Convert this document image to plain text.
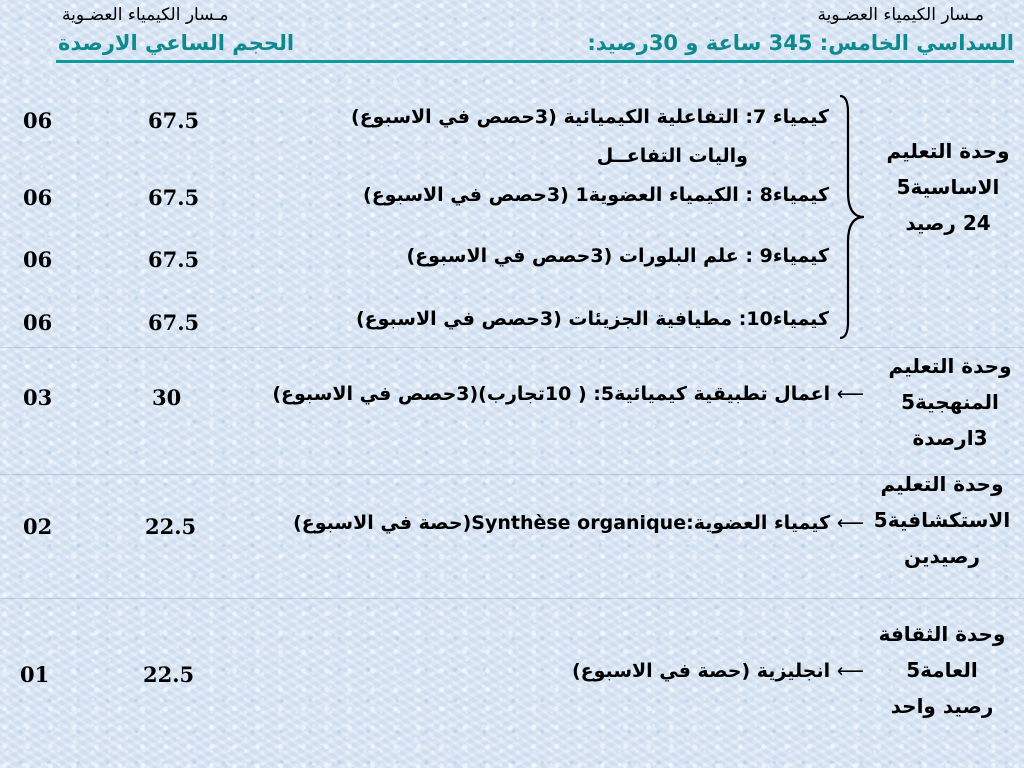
مـسار الكيمياء العضـوية
مـسار الكيمياء العضـوية
السداسي الخامس: 345 ساعة و 30رصيد:
الحجم الساعي الارصدة
وحدة التعليم
الاساسية5
24 رصيد
وحدة التعليم
المنهجية5
3ارصدة
وحدة التعليم
الاستكشافية5
رصيدين
وحدة الثقافة
العامة5
رصيد واحد
كيمياء 7: التفاعلية الكيميائية (3حصص في الاسبوع)
واليات التفاعــل
67.5
06
كيمياء8 : الكيمياء العضوية1 (3حصص في الاسبوع)
67.5
06
كيمياء9 : علم البلورات (3حصص في الاسبوع)
67.5
06
كيمياء10: مطيافية الجزيئات (3حصص في الاسبوع)
67.5
06
⟵ اعمال تطبيقية كيميائية5: ( 10تجارب)(3حصص في الاسبوع)
30
03
⟵ كيمياء العضوية:Synthèse organique(حصة في الاسبوع)
22.5
02
⟵ انجليزية (حصة في الاسبوع)
22.5
01
